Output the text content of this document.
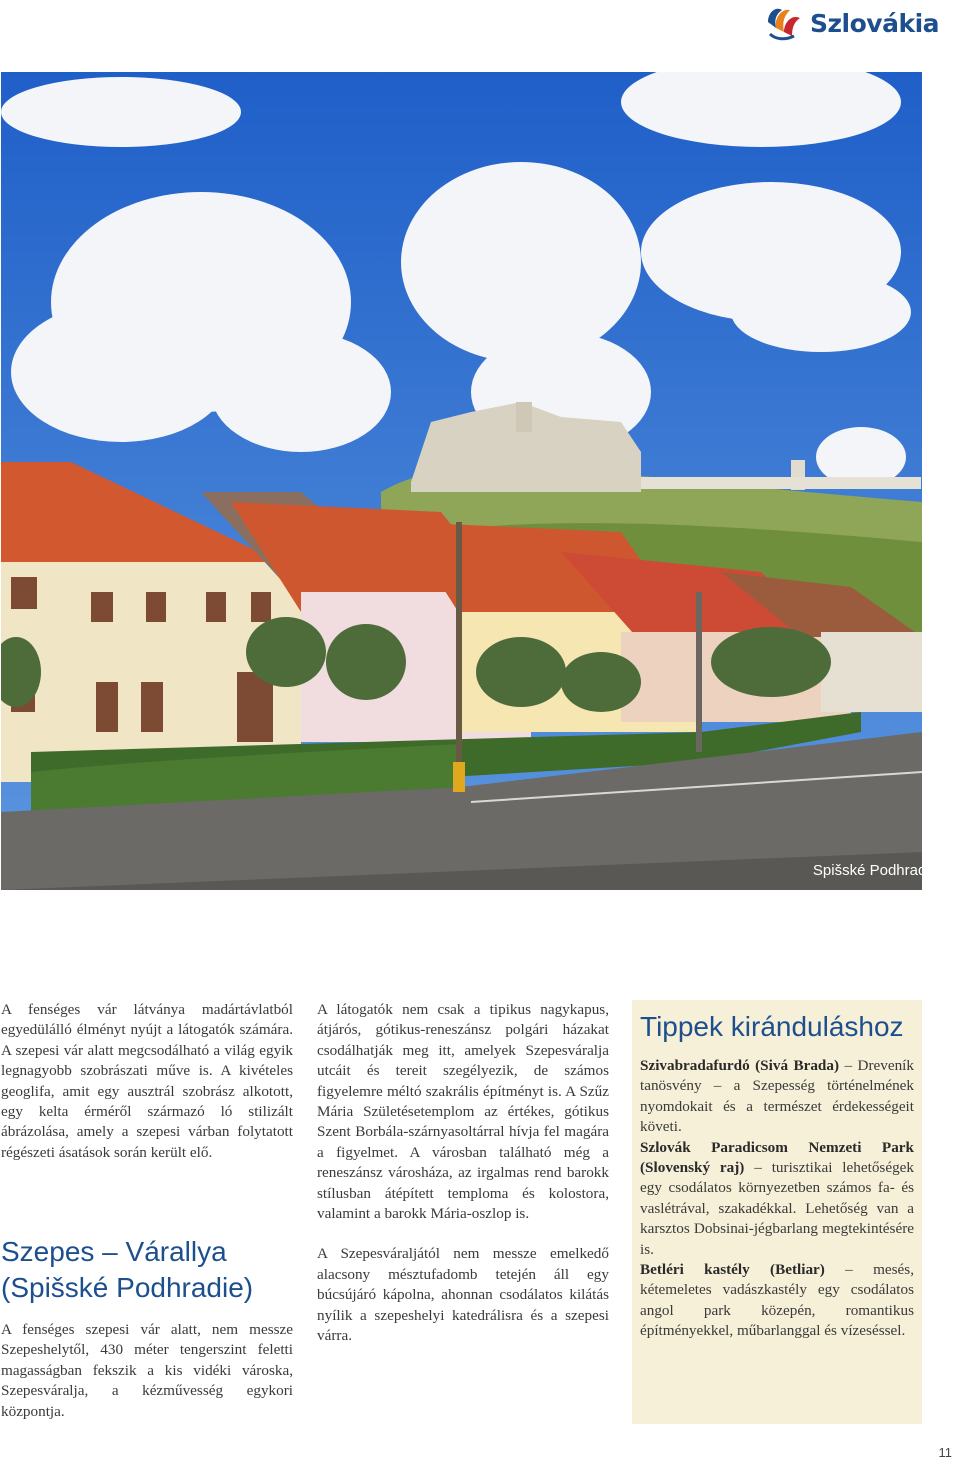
Szlovákia
Spišské Podhradie

A fenséges vár látványa madártávlatból egyedülálló élményt nyújt a látogatók számára. A szepesi vár alatt megcsodálható a világ egyik legnagyobb szobrászati műve is. A kivételes geoglifa, amit egy ausztrál szobrász alkotott, egy kelta érméről származó ló stilizált ábrázolása, amely a szepesi várban folytatott régészeti ásatások során került elő.

Szepes – Várallya (Spišské Podhradie)

A fenséges szepesi vár alatt, nem messze Szepeshelytől, 430 méter tengerszint feletti magasságban fekszik a kis vidéki városka, Szepesváralja, a kézművesség egykori központja.

A látogatók nem csak a tipikus nagykapus, átjárós, gótikus-reneszánsz polgári házakat csodálhatják meg itt, amelyek Szepesváralja utcáit és tereit szegélyezik, de számos figyelemre méltó szakrális építményt is. A Szűz Mária Születésetemplom az értékes, gótikus Szent Borbála-szárnyasoltárral hívja fel magára a figyelmet. A városban található még a reneszánsz városháza, az irgalmas rend barokk stílusban átépített temploma és kolostora, valamint a barokk Mária-oszlop is.

A Szepesváraljától nem messze emelkedő alacsony mésztufadomb tetején áll egy búcsújáró kápolna, ahonnan csodálatos kilátás nyílik a szepeshelyi katedrálisra és a szepesi várra.

Tippek kiránduláshoz

Szivabradafurdó (Sivá Brada) – Dreveník tanösvény – a Szepesség történelmének nyomdokait és a természet érdekességeit követi.

Szlovák Paradicsom Nemzeti Park (Slovenský raj) – turisztikai lehetőségek egy csodálatos környezetben számos fa- és vaslétrával, szakadékkal. Lehetőség van a karsztos Dobsinai-jégbarlang megtekintésére is.

Betléri kastély (Betliar) – mesés, kétemeletes vadászkastély egy csodálatos angol park közepén, romantikus építményekkel, műbarlanggal és vízeséssel.

11
